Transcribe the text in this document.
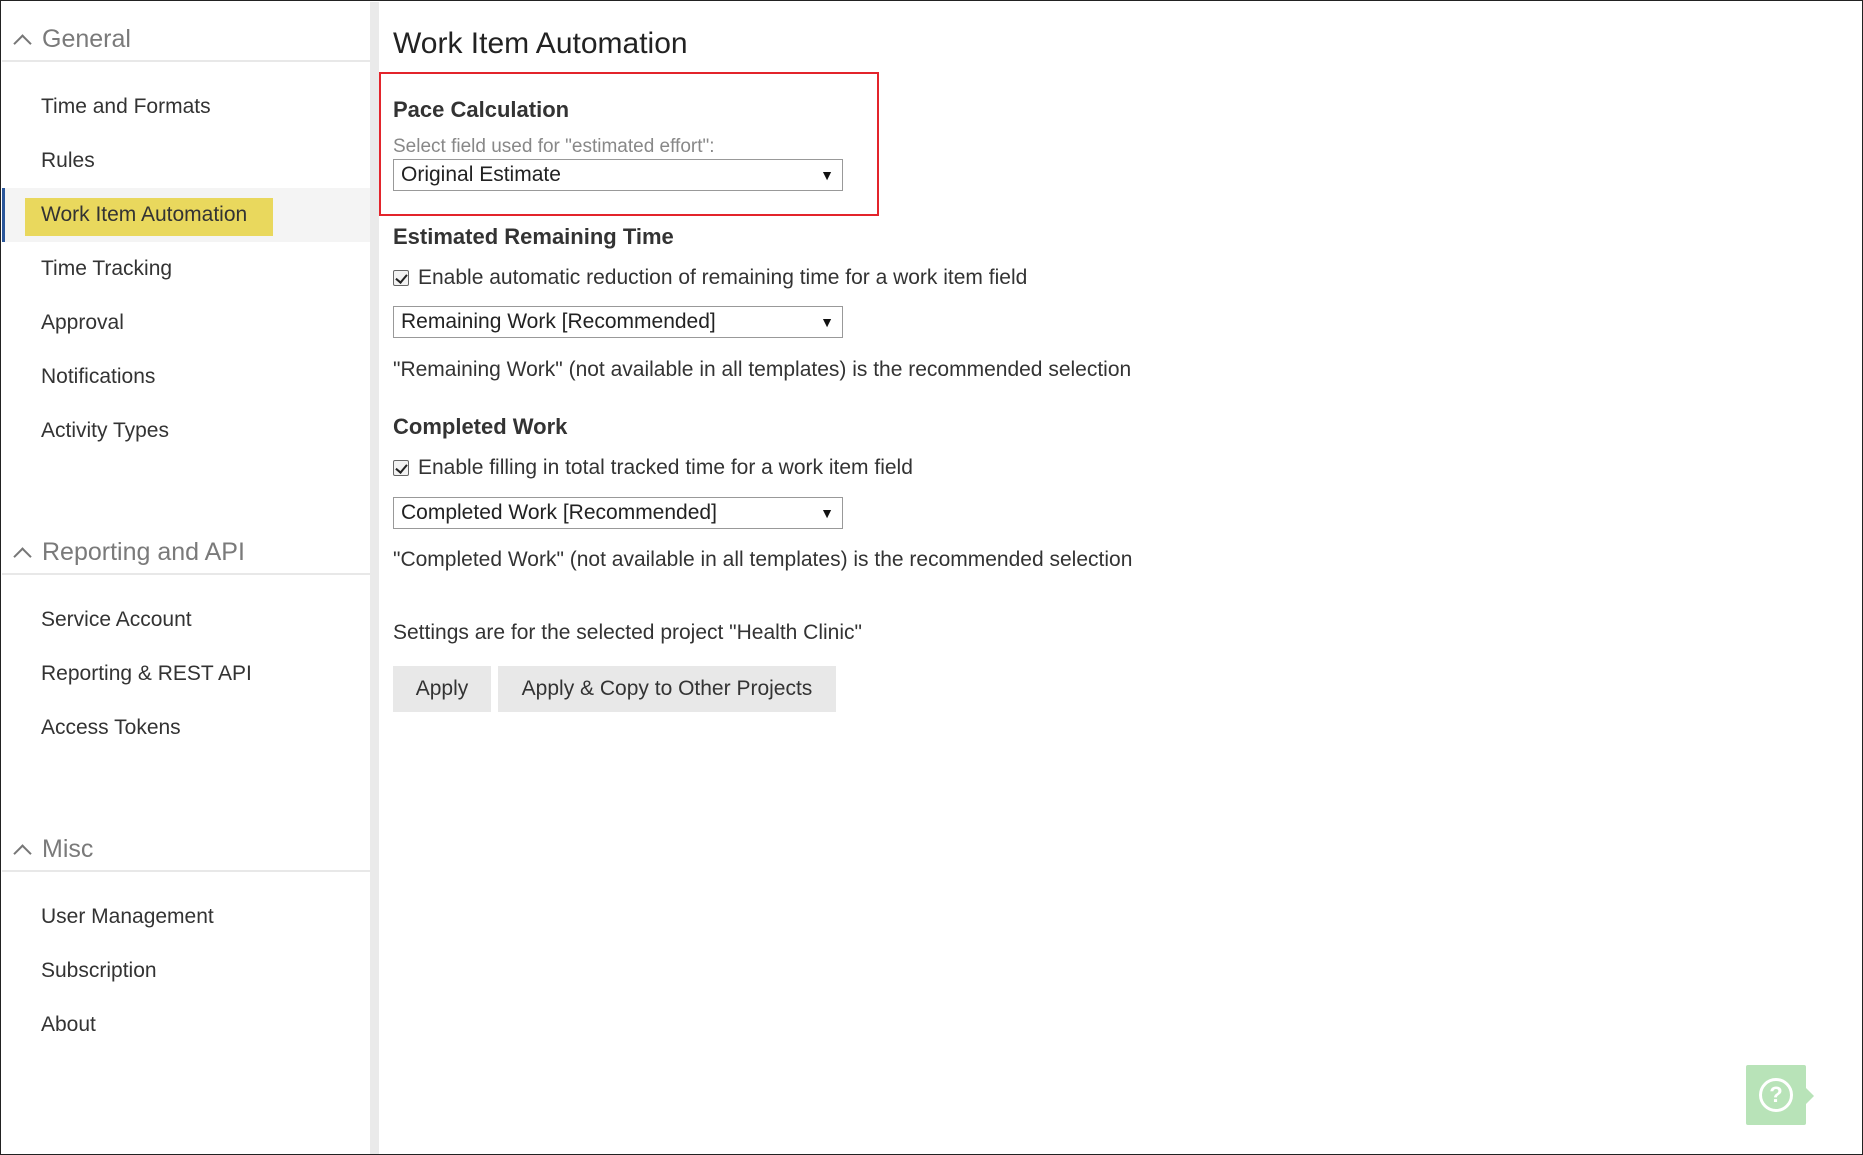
General
Time and Formats
Rules
Work Item Automation
Time Tracking
Approval
Notifications
Activity Types
Reporting and API
Service Account
Reporting & REST API
Access Tokens
Misc
User Management
Subscription
About
Work Item Automation
Pace Calculation
Select field used for "estimated effort":
Original Estimate	▼
Estimated Remaining Time
Enable automatic reduction of remaining time for a work item field
Remaining Work [Recommended]	▼
"Remaining Work" (not available in all templates) is the recommended selection
Completed Work
Enable filling in total tracked time for a work item field
Completed Work [Recommended]	▼
"Completed Work" (not available in all templates) is the recommended selection
Settings are for the selected project "Health Clinic"
Apply	Apply & Copy to Other Projects
?
